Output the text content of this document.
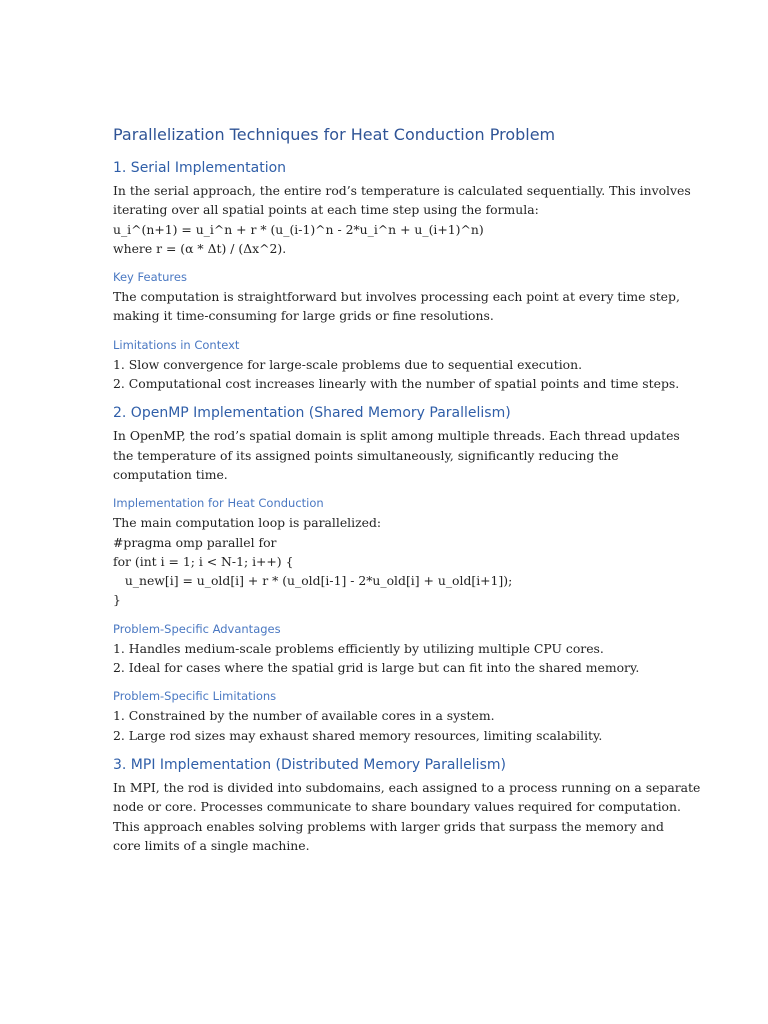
Parallelization Techniques for Heat Conduction Problem
1. Serial Implementation

In the serial approach, the entire rod’s temperature is calculated sequentially. This involves

iterating over all spatial points at each time step using the formula:

u_i^(n+1) = u_i^n + r * (u_(i-1)^n - 2*u_i^n + u_(i+1)^n)

where r = (α * Δt) / (Δx^2).

Key Features

The computation is straightforward but involves processing each point at every time step,

making it time-consuming for large grids or fine resolutions.

Limitations in Context

1. Slow convergence for large-scale problems due to sequential execution.

2. Computational cost increases linearly with the number of spatial points and time steps.

2. OpenMP Implementation (Shared Memory Parallelism)

In OpenMP, the rod’s spatial domain is split among multiple threads. Each thread updates

the temperature of its assigned points simultaneously, significantly reducing the

computation time.

Implementation for Heat Conduction

The main computation loop is parallelized:

#pragma omp parallel for

for (int i = 1; i < N-1; i++) {

u_new[i] = u_old[i] + r * (u_old[i-1] - 2*u_old[i] + u_old[i+1]);

}

Problem-Specific Advantages

1. Handles medium-scale problems efficiently by utilizing multiple CPU cores.

2. Ideal for cases where the spatial grid is large but can fit into the shared memory.

Problem-Specific Limitations

1. Constrained by the number of available cores in a system.

2. Large rod sizes may exhaust shared memory resources, limiting scalability.

3. MPI Implementation (Distributed Memory Parallelism)

In MPI, the rod is divided into subdomains, each assigned to a process running on a separate

node or core. Processes communicate to share boundary values required for computation.

This approach enables solving problems with larger grids that surpass the memory and

core limits of a single machine.
